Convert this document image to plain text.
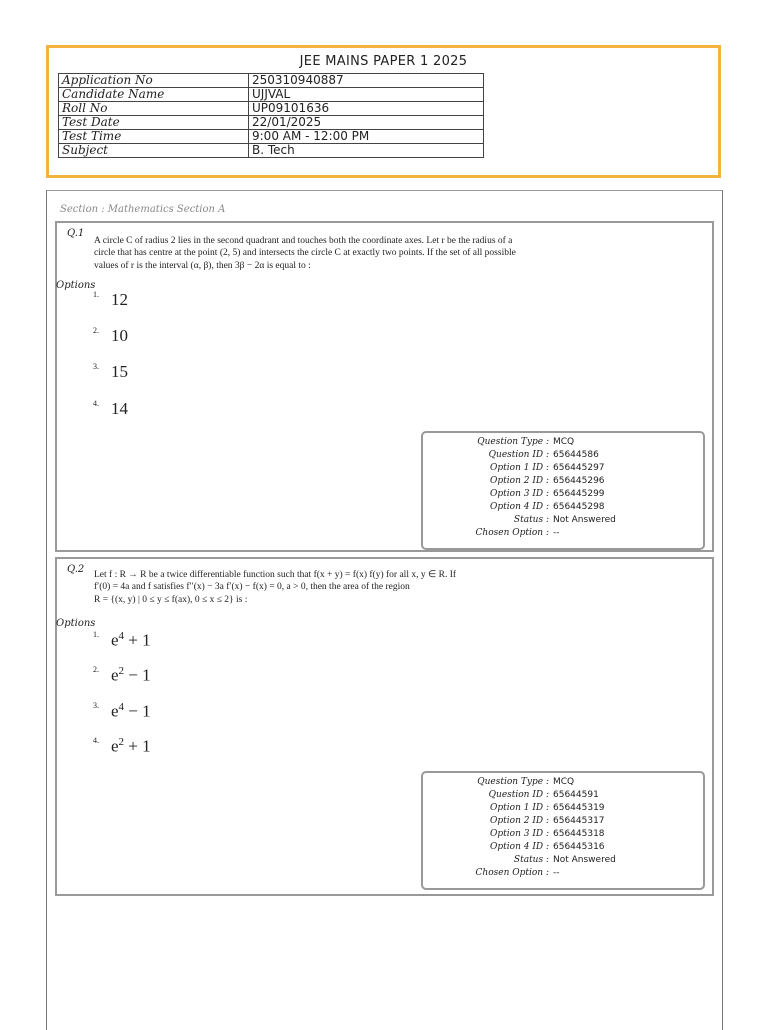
JEE MAINS PAPER 1 2025
Application No	250310940887
Candidate Name	UJJVAL
Roll No	UP09101636
Test Date	22/01/2025
Test Time	9:00 AM - 12:00 PM
Subject	B. Tech
Section : Mathematics Section A
Q.1
A circle C of radius 2 lies in the second quadrant and touches both the coordinate axes. Let r be the radius of a circle that has centre at the point (2, 5) and intersects the circle C at exactly two points. If the set of all possible values of r is the interval (α, β), then 3β − 2α is equal to :
Options
1. 12
2. 10
3. 15
4. 14
Question Type : MCQ
Question ID : 65644586
Option 1 ID : 656445297
Option 2 ID : 656445296
Option 3 ID : 656445299
Option 4 ID : 656445298
Status : Not Answered
Chosen Option : --
Q.2 Let f : R → R be a twice differentiable function such that f(x + y) = f(x) f(y) for all x, y ∈ R. If
f′(0) = 4a and f satisfies f′′(x) − 3a f′(x) − f(x) = 0, a > 0, then the area of the region
R = {(x, y) | 0 ≤ y ≤ f(ax), 0 ≤ x ≤ 2} is :
Options
1. $e^4 + 1$
2. $e^2 - 1$
3. $e^4 - 1$
4. $e^2 + 1$
Question Type : MCQ
Question ID : 65644591
Option 1 ID : 656445319
Option 2 ID : 656445317
Option 3 ID : 656445318
Option 4 ID : 656445316
Status : Not Answered
Chosen Option : --
